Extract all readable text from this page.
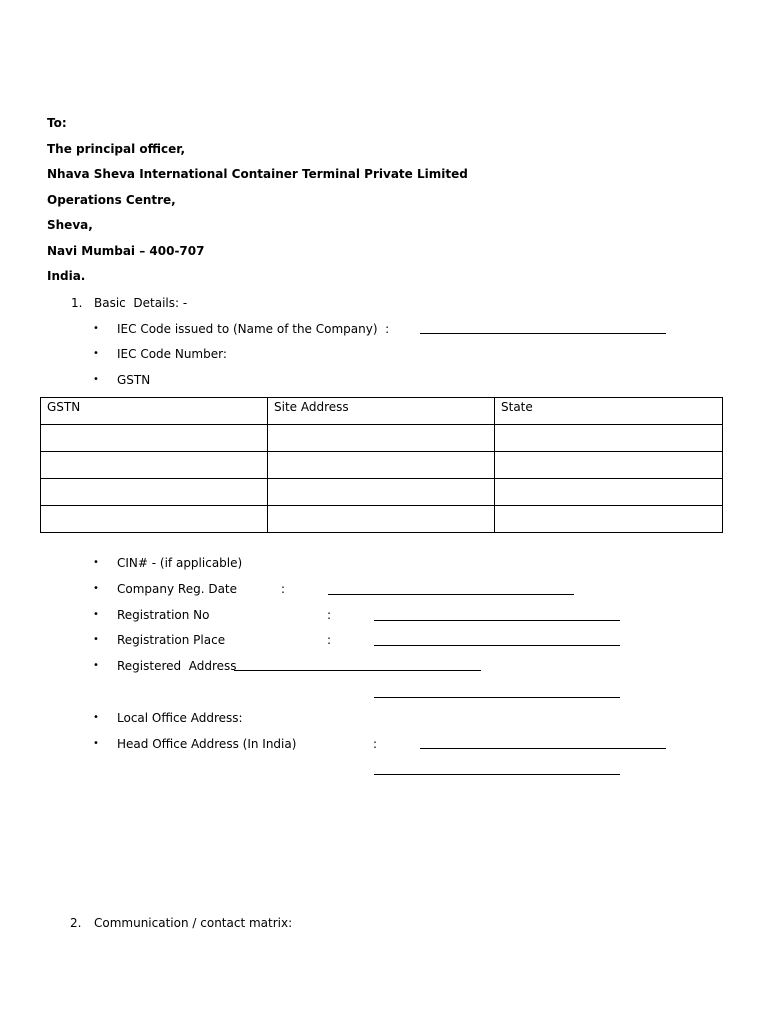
To:
The principal officer,
Nhava Sheva International Container Terminal Private Limited
Operations Centre,
Sheva,
Navi Mumbai – 400-707
India.
1. Basic  Details: -
• IEC Code issued to (Name of the Company)  :
• IEC Code Number:
• GSTN
GSTN	Site Address	State

• CIN# - (if applicable)
• Company Reg. Date	:
• Registration No	:
• Registration Place	:
• Registered  Address
• Local Office Address:
• Head Office Address (In India)	:
2. Communication / contact matrix:
